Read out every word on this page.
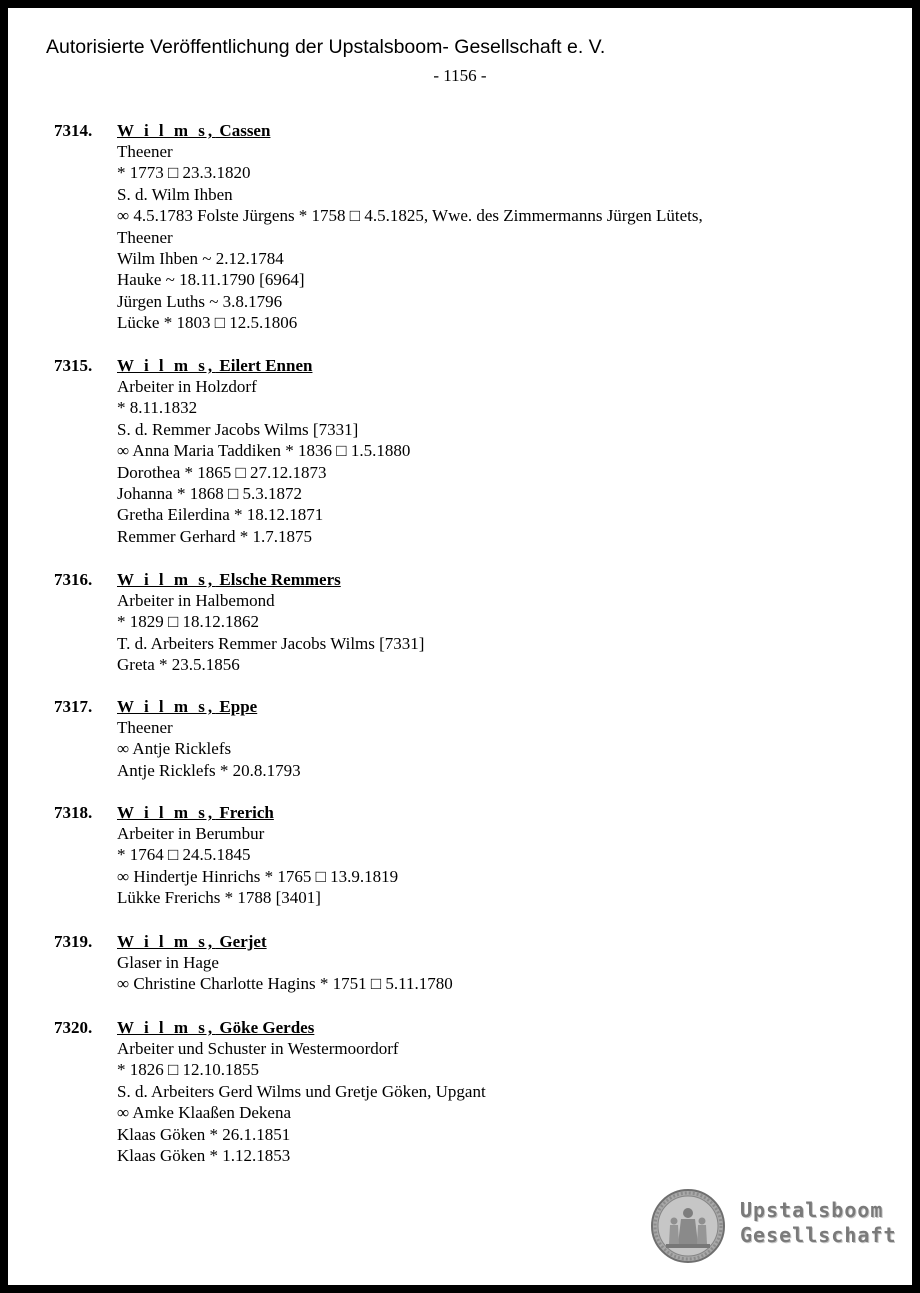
Autorisierte Veröffentlichung der Upstalsboom- Gesellschaft e. V.
- 1156 -
7314. W i l m s, Cassen
Theener
* 1773 □ 23.3.1820
S. d. Wilm Ihben
∞ 4.5.1783 Folste Jürgens * 1758 □ 4.5.1825, Wwe. des Zimmermanns Jürgen Lütets,
Theener
Wilm Ihben ~ 2.12.1784
Hauke ~ 18.11.1790 [6964]
Jürgen Luths ~ 3.8.1796
Lücke * 1803 □ 12.5.1806
7315. W i l m s, Eilert Ennen
Arbeiter in Holzdorf
* 8.11.1832
S. d. Remmer Jacobs Wilms [7331]
∞ Anna Maria Taddiken * 1836 □ 1.5.1880
Dorothea * 1865 □ 27.12.1873
Johanna * 1868 □ 5.3.1872
Gretha Eilerdina * 18.12.1871
Remmer Gerhard * 1.7.1875
7316. W i l m s, Elsche Remmers
Arbeiter in Halbemond
* 1829 □ 18.12.1862
T. d. Arbeiters Remmer Jacobs Wilms [7331]
Greta * 23.5.1856
7317. W i l m s, Eppe
Theener
∞ Antje Ricklefs
Antje Ricklefs * 20.8.1793
7318. W i l m s, Frerich
Arbeiter in Berumbur
* 1764 □ 24.5.1845
∞ Hindertje Hinrichs * 1765 □ 13.9.1819
Lükke Frerichs * 1788 [3401]
7319. W i l m s, Gerjet
Glaser in Hage
∞ Christine Charlotte Hagins * 1751 □ 5.11.1780
7320. W i l m s, Göke Gerdes
Arbeiter und Schuster in Westermoordorf
* 1826 □ 12.10.1855
S. d. Arbeiters Gerd Wilms und Gretje Göken, Upgant
∞ Amke Klaaßen Dekena
Klaas Göken * 26.1.1851
Klaas Göken * 1.12.1853
Upstalsboom
Gesellschaft
